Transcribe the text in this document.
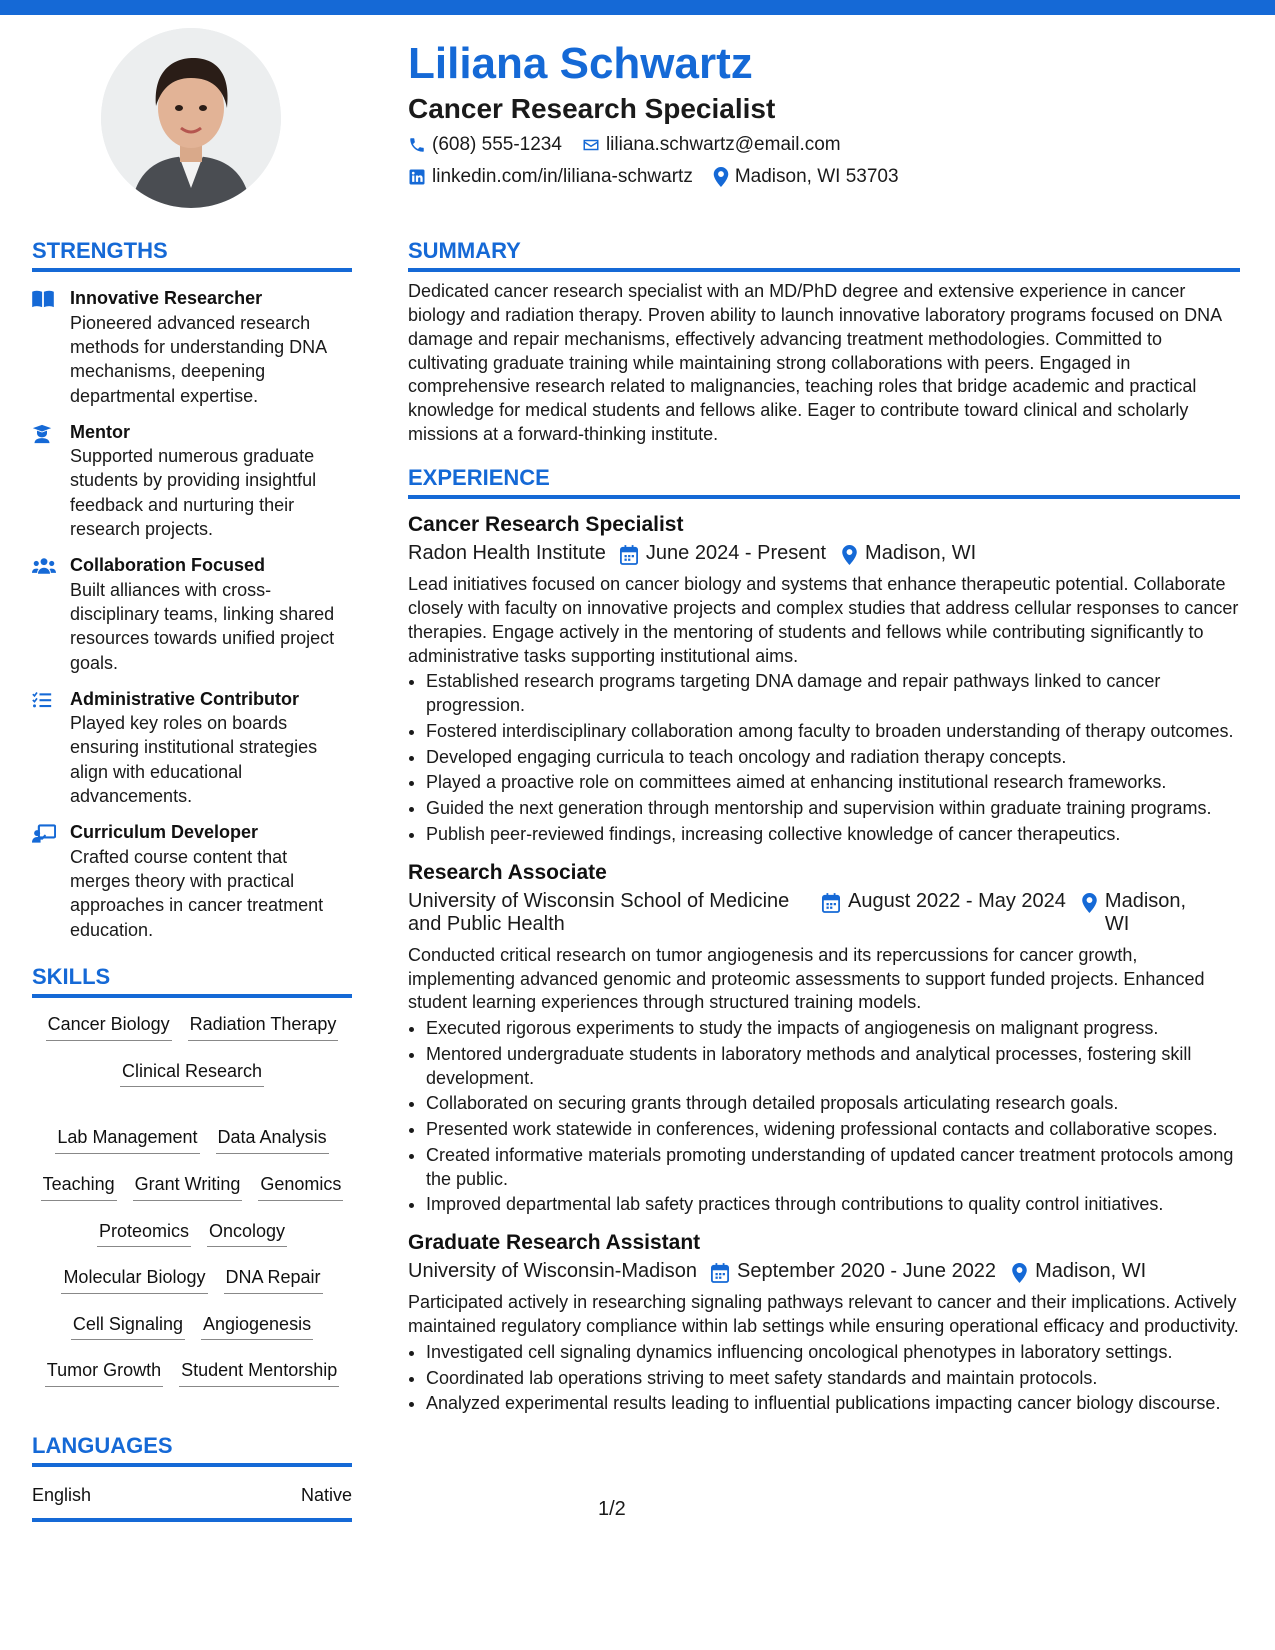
Liliana Schwartz
Cancer Research Specialist
(608) 555-1234 liliana.schwartz@email.com
linkedin.com/in/liliana-schwartz Madison, WI 53703
STRENGTHS
Innovative Researcher
Pioneered advanced research methods for understanding DNA mechanisms, deepening departmental expertise.
Mentor
Supported numerous graduate students by providing insightful feedback and nurturing their research projects.
Collaboration Focused
Built alliances with cross-disciplinary teams, linking shared resources towards unified project goals.
Administrative Contributor
Played key roles on boards ensuring institutional strategies align with educational advancements.
Curriculum Developer
Crafted course content that merges theory with practical approaches in cancer treatment education.
SKILLS
Cancer Biology Radiation Therapy
Clinical Research
Lab Management Data Analysis
Teaching Grant Writing Genomics
Proteomics Oncology
Molecular Biology DNA Repair
Cell Signaling Angiogenesis
Tumor Growth Student Mentorship
LANGUAGES
English	Native
SUMMARY

Dedicated cancer research specialist with an MD/PhD degree and extensive experience in cancer biology and radiation therapy. Proven ability to launch innovative laboratory programs focused on DNA damage and repair mechanisms, effectively advancing treatment methodologies. Committed to cultivating graduate training while maintaining strong collaborations with peers. Engaged in comprehensive research related to malignancies, teaching roles that bridge academic and practical knowledge for medical students and fellows alike. Eager to contribute toward clinical and scholarly missions at a forward-thinking institute.

EXPERIENCE
Cancer Research Specialist
Radon Health Institute June 2024 - Present Madison, WI

Lead initiatives focused on cancer biology and systems that enhance therapeutic potential. Collaborate closely with faculty on innovative projects and complex studies that address cellular responses to cancer therapies. Engage actively in the mentoring of students and fellows while contributing significantly to administrative tasks supporting institutional aims.

• Established research programs targeting DNA damage and repair pathways linked to cancer progression.
• Fostered interdisciplinary collaboration among faculty to broaden understanding of therapy outcomes.
• Developed engaging curricula to teach oncology and radiation therapy concepts.
• Played a proactive role on committees aimed at enhancing institutional research frameworks.
• Guided the next generation through mentorship and supervision within graduate training programs.
• Publish peer-reviewed findings, increasing collective knowledge of cancer therapeutics.
Research Associate
University of Wisconsin School of Medicine and Public Health
August 2022 - May 2024 Madison, WI

Conducted critical research on tumor angiogenesis and its repercussions for cancer growth, implementing advanced genomic and proteomic assessments to support funded projects. Enhanced student learning experiences through structured training models.

• Executed rigorous experiments to study the impacts of angiogenesis on malignant progress.
• Mentored undergraduate students in laboratory methods and analytical processes, fostering skill development.
• Collaborated on securing grants through detailed proposals articulating research goals.
• Presented work statewide in conferences, widening professional contacts and collaborative scopes.
• Created informative materials promoting understanding of updated cancer treatment protocols among the public.
• Improved departmental lab safety practices through contributions to quality control initiatives.
Graduate Research Assistant
University of Wisconsin-Madison September 2020 - June 2022 Madison, WI

Participated actively in researching signaling pathways relevant to cancer and their implications. Actively maintained regulatory compliance within lab settings while ensuring operational efficacy and productivity.

• Investigated cell signaling dynamics influencing oncological phenotypes in laboratory settings.
• Coordinated lab operations striving to meet safety standards and maintain protocols.
• Analyzed experimental results leading to influential publications impacting cancer biology discourse.
1/2
